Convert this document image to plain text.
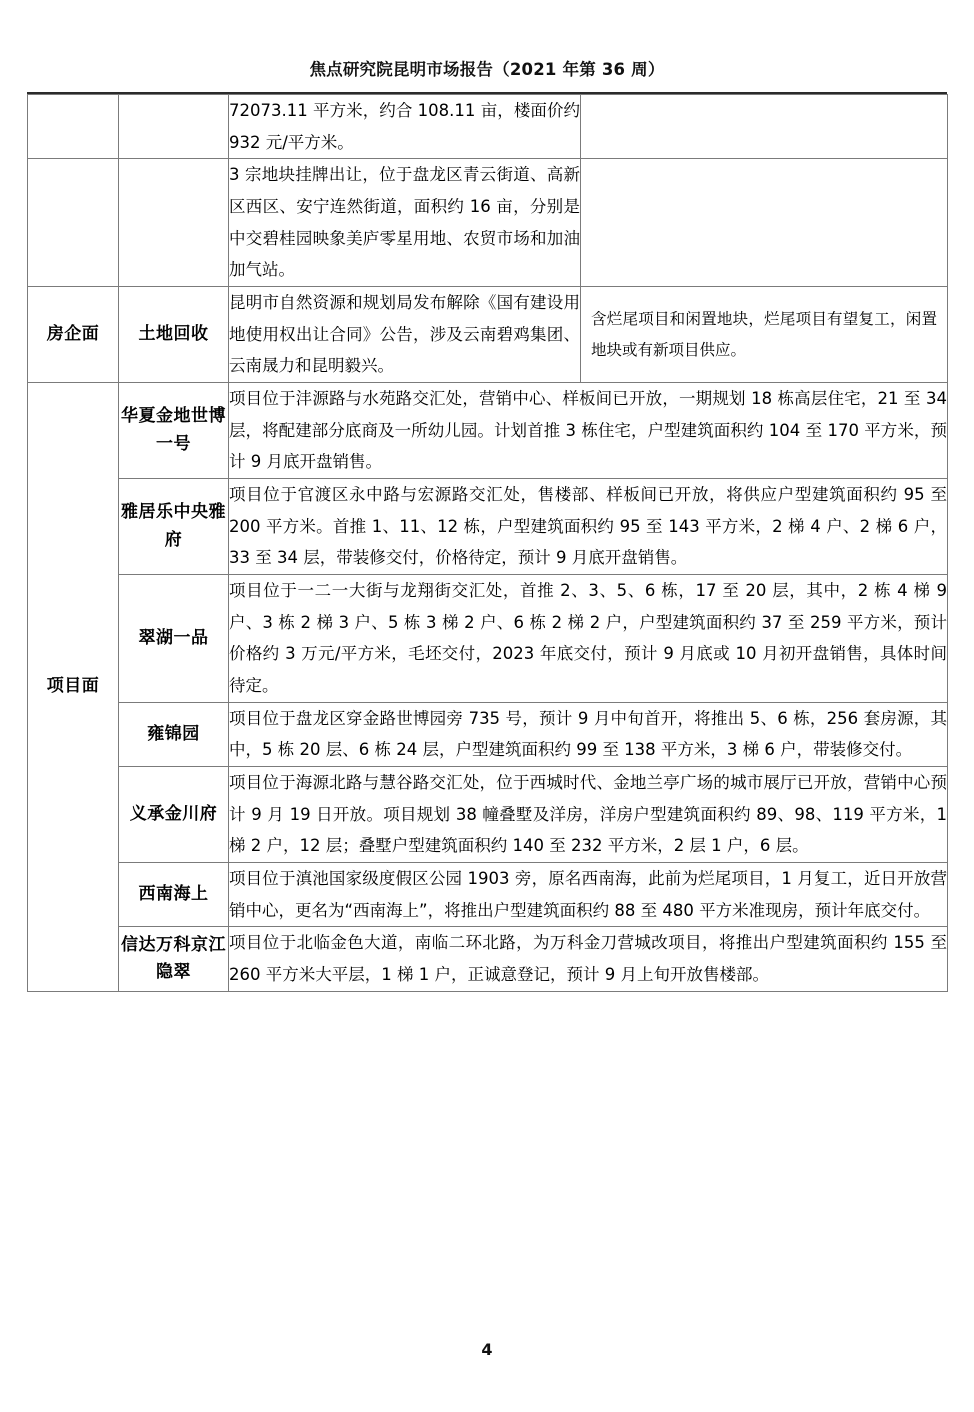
焦点研究院昆明市场报告（2021 年第 36 周）
		72073.11 平方米，约合 108.11 亩，楼面价约 932 元/平方米。	
		3 宗地块挂牌出让，位于盘龙区青云街道、高新区西区、安宁连然街道，面积约 16 亩，分别是中交碧桂园映象美庐零星用地、农贸市场和加油加气站。	
房企面	土地回收	昆明市自然资源和规划局发布解除《国有建设用地使用权出让合同》公告，涉及云南碧鸡集团、云南晟力和昆明毅兴。	含烂尾项目和闲置地块，烂尾项目有望复工，闲置地块或有新项目供应。
项目面	华夏金地世博一号	项目位于沣源路与水苑路交汇处，营销中心、样板间已开放，一期规划 18 栋高层住宅，21 至 34 层，将配建部分底商及一所幼儿园。计划首推 3 栋住宅，户型建筑面积约 104 至 170 平方米，预计 9 月底开盘销售。	
	雅居乐中央雅府	项目位于官渡区永中路与宏源路交汇处，售楼部、样板间已开放，将供应户型建筑面积约 95 至 200 平方米。首推 1、11、12 栋，户型建筑面积约 95 至 143 平方米，2 梯 4 户、2 梯 6 户，33 至 34 层，带装修交付，价格待定，预计 9 月底开盘销售。	
	翠湖一品	项目位于一二一大街与龙翔街交汇处，首推 2、3、5、6 栋，17 至 20 层，其中，2 栋 4 梯 9 户、3 栋 2 梯 3 户、5 栋 3 梯 2 户、6 栋 2 梯 2 户，户型建筑面积约 37 至 259 平方米，预计价格约 3 万元/平方米，毛坯交付，2023 年底交付，预计 9 月底或 10 月初开盘销售，具体时间待定。	
	雍锦园	项目位于盘龙区穿金路世博园旁 735 号，预计 9 月中旬首开，将推出 5、6 栋，256 套房源，其中，5 栋 20 层、6 栋 24 层，户型建筑面积约 99 至 138 平方米，3 梯 6 户，带装修交付。	
	义承金川府	项目位于海源北路与慧谷路交汇处，位于西城时代、金地兰亭广场的城市展厅已开放，营销中心预计 9 月 19 日开放。项目规划 38 幢叠墅及洋房，洋房户型建筑面积约 89、98、119 平方米，1 梯 2 户，12 层；叠墅户型建筑面积约 140 至 232 平方米，2 层 1 户，6 层。	
	西南海上	项目位于滇池国家级度假区公园 1903 旁，原名西南海，此前为烂尾项目，1 月复工，近日开放营销中心，更名为“西南海上”，将推出户型建筑面积约 88 至 480 平方米准现房，预计年底交付。	
	信达万科京江隐翠	项目位于北临金色大道，南临二环北路，为万科金刀营城改项目，将推出户型建筑面积约 155 至 260 平方米大平层，1 梯 1 户，正诚意登记，预计 9 月上旬开放售楼部。	
4
